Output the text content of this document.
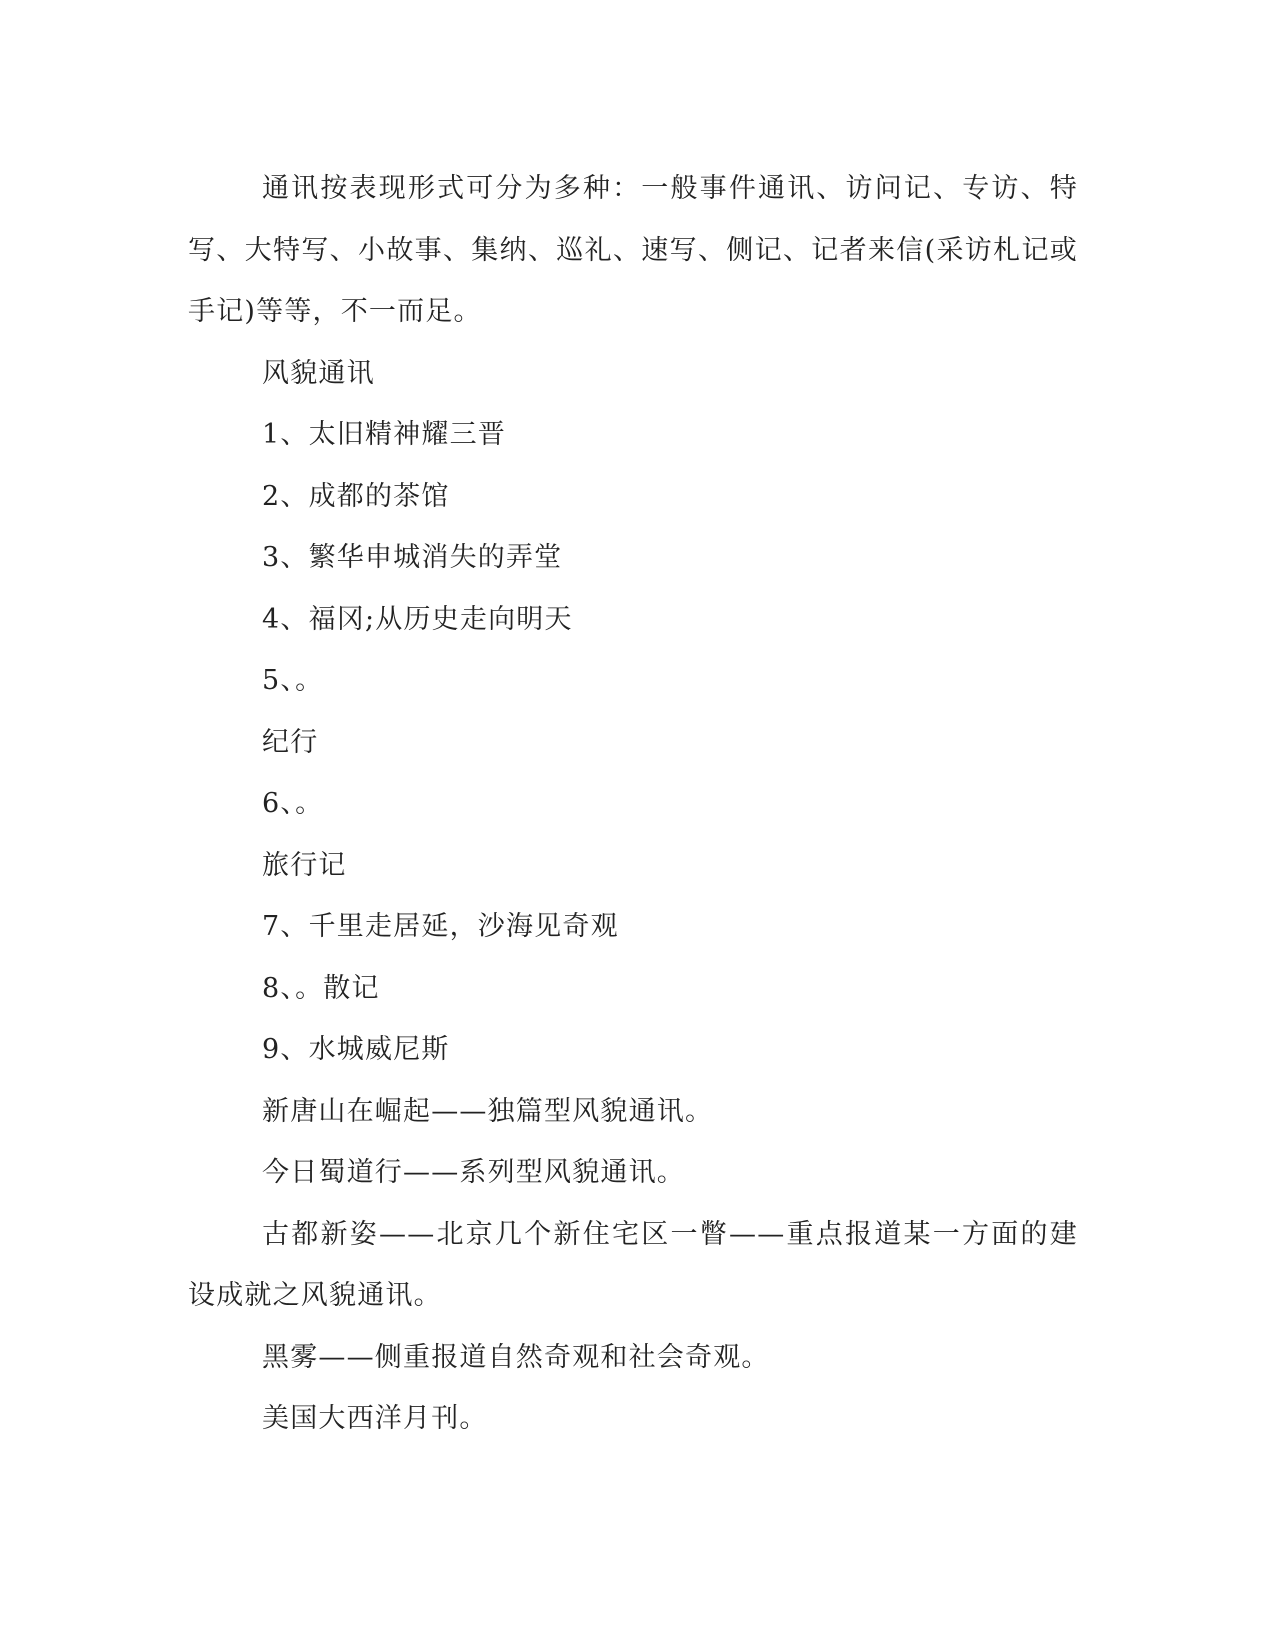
通讯按表现形式可分为多种：一般事件通讯、访问记、专访、特写、大特写、小故事、集纳、巡礼、速写、侧记、记者来信(采访札记或手记)等等，不一而足。

风貌通讯

1、太旧精神耀三晋

2、成都的茶馆

3、繁华申城消失的弄堂

4、福冈;从历史走向明天

5、。

纪行

6、。

旅行记

7、千里走居延，沙海见奇观

8、。散记

9、水城威尼斯

新唐山在崛起——独篇型风貌通讯。

今日蜀道行——系列型风貌通讯。

古都新姿——北京几个新住宅区一瞥——重点报道某一方面的建设成就之风貌通讯。

黑雾——侧重报道自然奇观和社会奇观。

美国大西洋月刊。
